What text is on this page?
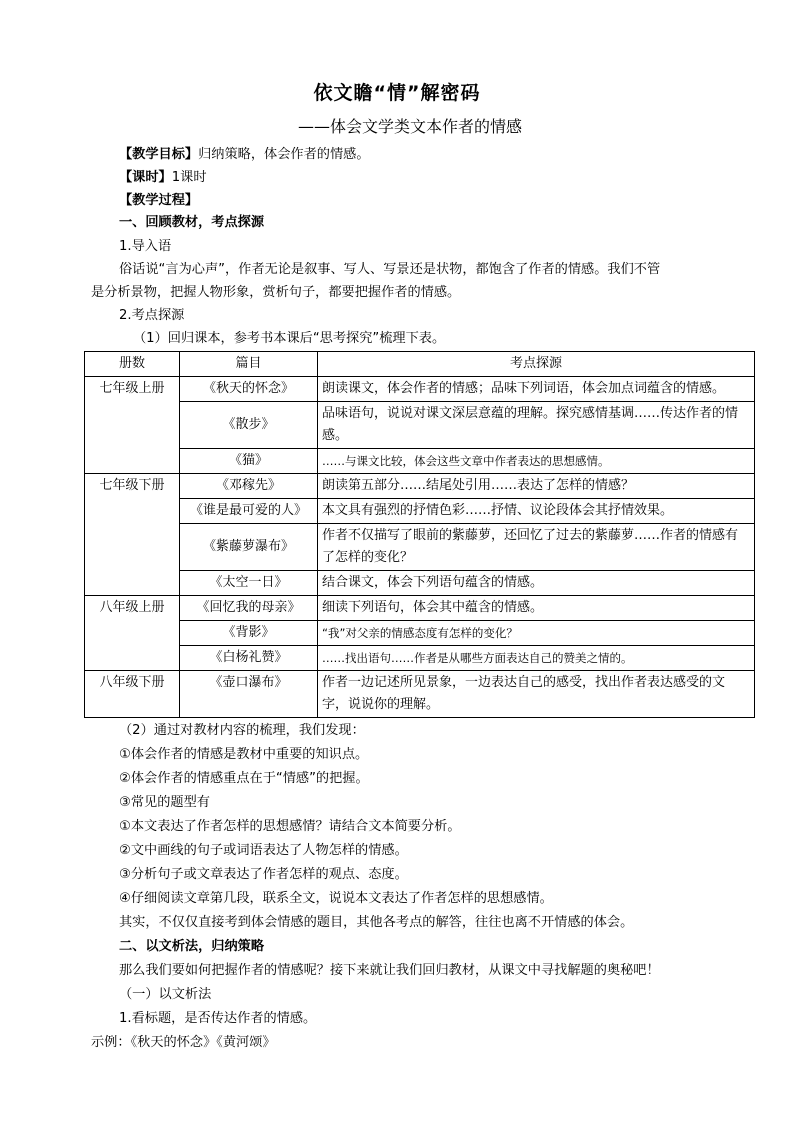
依文瞻“情”解密码
——体会文学类文本作者的情感
【教学目标】归纳策略，体会作者的情感。
【课时】1课时
【教学过程】
一、回顾教材，考点探源
1.导入语
俗话说“言为心声”，作者无论是叙事、写人、写景还是状物，都饱含了作者的情感。我们不管
是分析景物，把握人物形象，赏析句子，都要把握作者的情感。
2.考点探源
（1）回归课本，参考书本课后“思考探究”梳理下表。
册数	篇目	考点探源
七年级上册	《秋天的怀念》	朗读课文，体会作者的情感；品味下列词语，体会加点词蕴含的情感。
	《散步》	品味语句，说说对课文深层意蕴的理解。探究感情基调……传达作者的情感。
	《猫》	……与课文比较，体会这些文章中作者表达的思想感情。
七年级下册	《邓稼先》	朗读第五部分……结尾处引用……表达了怎样的情感？
	《谁是最可爱的人》	本文具有强烈的抒情色彩……抒情、议论段体会其抒情效果。
	《紫藤萝瀑布》	作者不仅描写了眼前的紫藤萝，还回忆了过去的紫藤萝……作者的情感有了怎样的变化？
	《太空一日》	结合课文，体会下列语句蕴含的情感。
八年级上册	《回忆我的母亲》	细读下列语句，体会其中蕴含的情感。
	《背影》	“我”对父亲的情感态度有怎样的变化？
	《白杨礼赞》	……找出语句……作者是从哪些方面表达自己的赞美之情的。
八年级下册	《壶口瀑布》	作者一边记述所见景象，一边表达自己的感受，找出作者表达感受的文字，说说你的理解。
（2）通过对教材内容的梳理，我们发现：
①体会作者的情感是教材中重要的知识点。
②体会作者的情感重点在于“情感”的把握。
③常见的题型有
①本文表达了作者怎样的思想感情？请结合文本简要分析。
②文中画线的句子或词语表达了人物怎样的情感。
③分析句子或文章表达了作者怎样的观点、态度。
④仔细阅读文章第几段，联系全文，说说本文表达了作者怎样的思想感情。
其实，不仅仅直接考到体会情感的题目，其他各考点的解答，往往也离不开情感的体会。
二、以文析法，归纳策略
那么我们要如何把握作者的情感呢？接下来就让我们回归教材，从课文中寻找解题的奥秘吧！
（一）以文析法
1.看标题，是否传达作者的情感。
示例：《秋天的怀念》《黄河颂》
